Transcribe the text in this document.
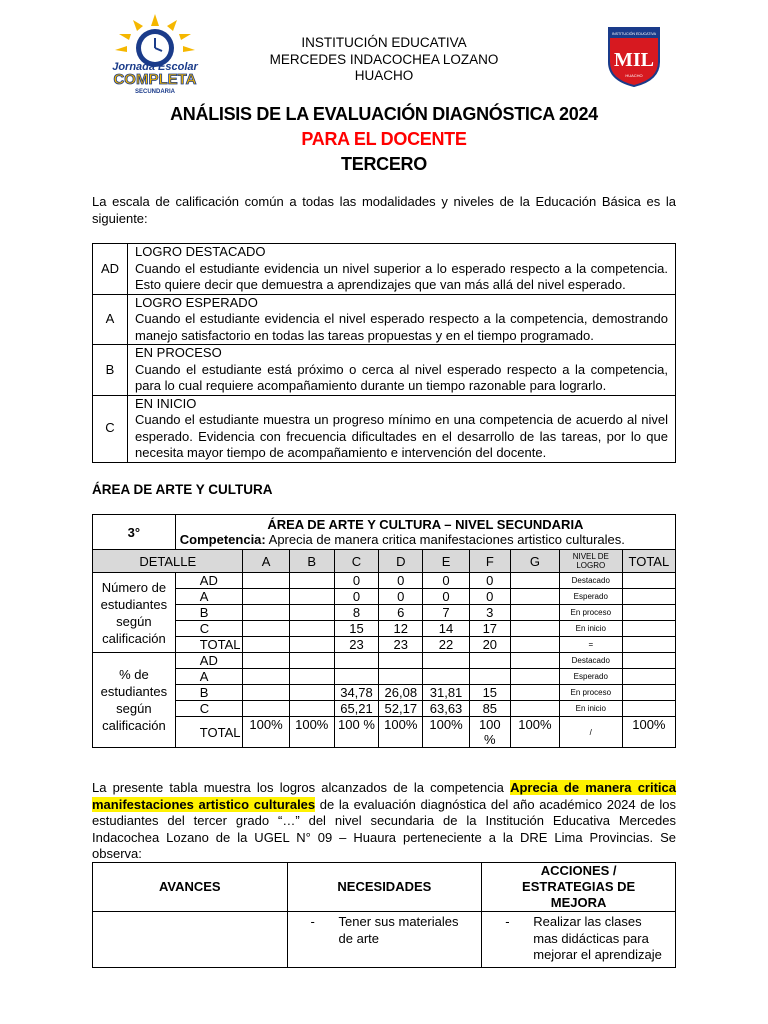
Jornada Escolar
COMPLETA
SECUNDARIA
INSTITUCIÓN EDUCATIVA
MIL
HUACHO
INSTITUCIÓN EDUCATIVA
MERCEDES INDACOCHEA LOZANO
HUACHO
ANÁLISIS DE LA EVALUACIÓN DIAGNÓSTICA 2024
PARA EL DOCENTE
TERCERO
La escala de calificación común a todas las modalidades y niveles de la Educación Básica es la siguiente:
AD	LOGRO DESTACADO
Cuando el estudiante evidencia un nivel superior a lo esperado respecto a la competencia. Esto quiere decir que demuestra a aprendizajes que van más allá del nivel esperado.

A	LOGRO ESPERADO
Cuando el estudiante evidencia el nivel esperado respecto a la competencia, demostrando manejo satisfactorio en todas las tareas propuestas y en el tiempo programado.

B	EN PROCESO
Cuando el estudiante está próximo o cerca al nivel esperado respecto a la competencia, para lo cual requiere acompañamiento durante un tiempo razonable para lograrlo.

C	EN INICIO
Cuando el estudiante muestra un progreso mínimo en una competencia de acuerdo al nivel esperado. Evidencia con frecuencia dificultades en el desarrollo de las tareas, por lo que necesita mayor tiempo de acompañamiento e intervención del docente.
ÁREA DE ARTE Y CULTURA
3°	ÁREA DE ARTE Y CULTURA – NIVEL SECUNDARIA
Competencia: Aprecia de manera critica manifestaciones artistico culturales.									

DETALLE		A	B	C	D	E	F	G	NIVEL DE LOGRO	TOTAL
Número de estudiantes según calificación	AD			0	0	0	0		Destacado	
	A			0	0	0	0		Esperado	
	B			8	6	7	3		En proceso	
	C			15	12	14	17		En inicio	
	TOTAL			23	23	22	20		=	
% de estudiantes según calificación	AD								Destacado	
	A								Esperado	
	B			34,78	26,08	31,81	15		En proceso	
	C			65,21	52,17	63,63	85		En inicio	
	TOTAL	100%	100%	100 %	100%	100%	100 %	100%	/	100%
La presente tabla muestra los logros alcanzados de la competencia Aprecia de manera critica manifestaciones artistico culturales de la evaluación diagnóstica del año académico 2024 de los estudiantes del tercer grado “…” del nivel secundaria de la Institución Educativa Mercedes Indacochea Lozano de la UGEL N° 09 – Huaura perteneciente a la DRE Lima Provincias. Se observa:
AVANCES	NECESIDADES	ACCIONES / ESTRATEGIAS DE MEJORA

	- Tener sus materiales de arte	- Realizar las clases mas didácticas para mejorar el aprendizaje
